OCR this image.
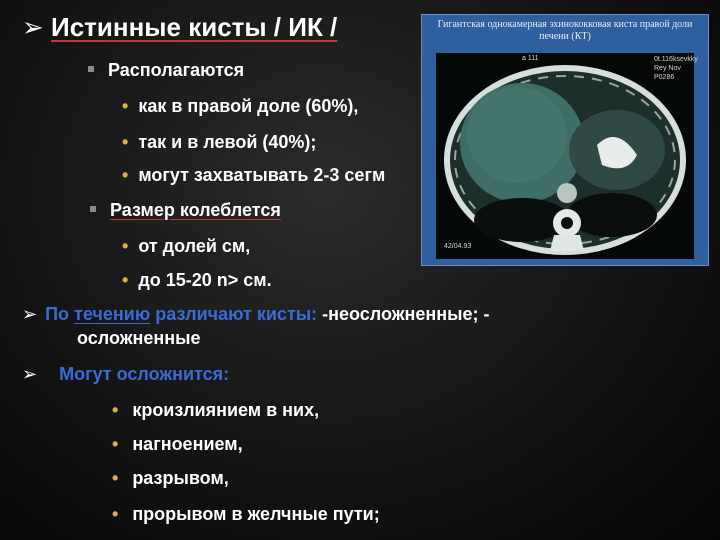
➢ Истинные кисты / ИК /
Располагаются
• как в правой доле (60%),
• так и в левой (40%);
• могут захватывать 2-3 сегм
Размер колеблется
• от долей см,
• до 15-20 n> см.
➢ По течению различают кисты: -неосложненные; -
осложненные
➢ Могут осложнится:
• кроизлиянием в них,
• нагноением,
• разрывом,
• прорывом в желчные пути;
Гигантская однокамерная эхинококковая киста правой доли печени (КТ)
a 111	0t.116ksevkky
Rey Nov
P0286
42/04.93
